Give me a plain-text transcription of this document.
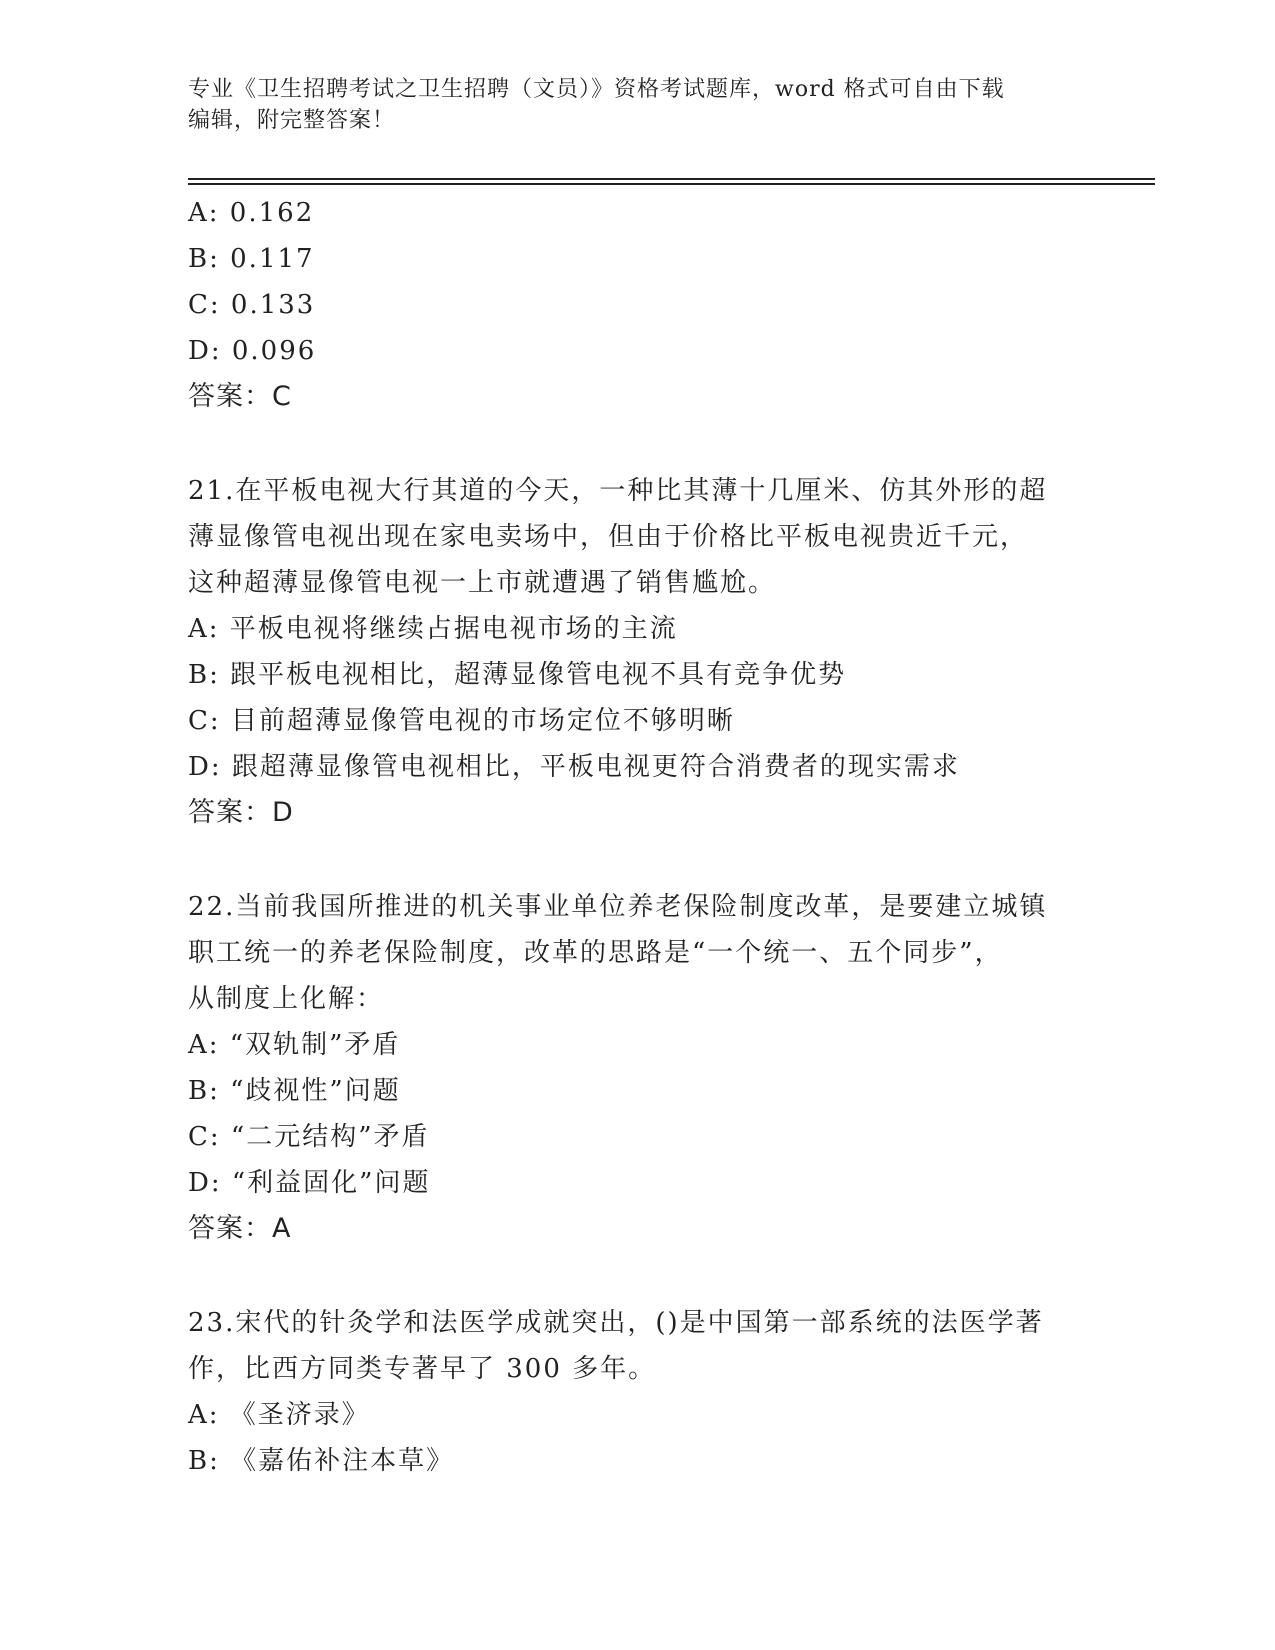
专业《卫生招聘考试之卫生招聘（文员）》资格考试题库，word 格式可自由下载
编辑，附完整答案！
A: 0.162
B: 0.117
C: 0.133
D: 0.096
答案：C
21.在平板电视大行其道的今天，一种比其薄十几厘米、仿其外形的超
薄显像管电视出现在家电卖场中，但由于价格比平板电视贵近千元，
这种超薄显像管电视一上市就遭遇了销售尴尬。
A: 平板电视将继续占据电视市场的主流
B: 跟平板电视相比，超薄显像管电视不具有竞争优势
C: 目前超薄显像管电视的市场定位不够明晰
D: 跟超薄显像管电视相比，平板电视更符合消费者的现实需求
答案：D
22.当前我国所推进的机关事业单位养老保险制度改革，是要建立城镇
职工统一的养老保险制度，改革的思路是“一个统一、五个同步”，
从制度上化解：
A: “双轨制”矛盾
B: “歧视性”问题
C: “二元结构”矛盾
D: “利益固化”问题
答案：A
23.宋代的针灸学和法医学成就突出，()是中国第一部系统的法医学著
作，比西方同类专著早了 300 多年。
A: 《圣济录》
B: 《嘉佑补注本草》
